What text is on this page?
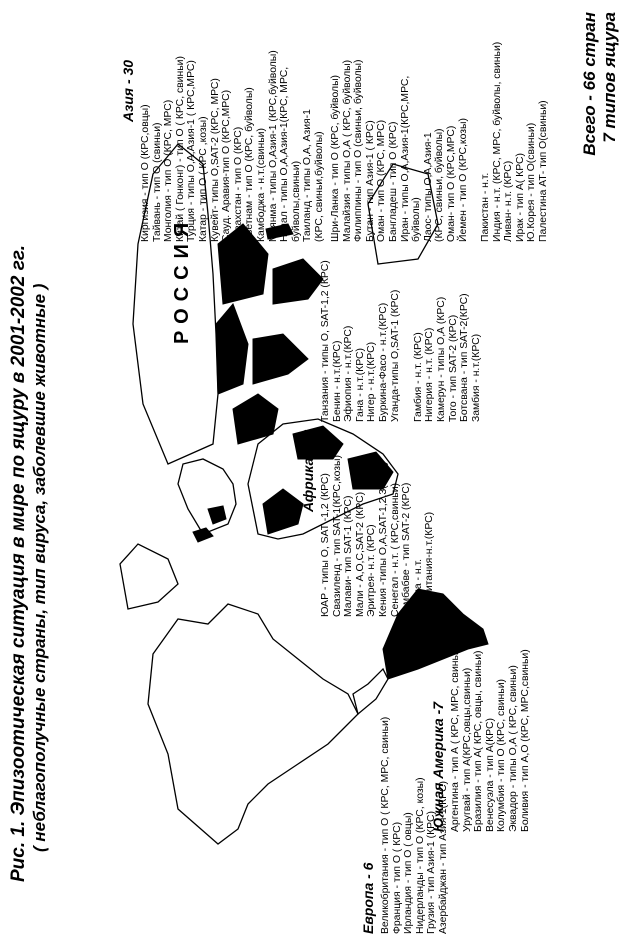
Рис. 1. Эпизоотическая ситуация в мире по ящуру в 2001-2002 гг. ( неблагополучные страны, тип вируса, заболевшие животные )
РОССИЯ
Европа - 6 Великобритания - тип О ( КРС, МРС, свиньи) Франция - тип О ( КРС) Ирландия - тип О ( овцы) Нидерланды - тип О (КРС, козы) Грузия - тип Азия-1 (КРС) Азербайджан - тип Азия-1(КРС)
Южная Америка -7 Аргентина - тип А ( КРС, МРС, свиньи) Уругвай - тип А(КРС,овцы,свиньи) Бразилия - тип А( КРС, овцы, свиньи) Венесуэла - тип А(КРС) Колумбия - тип О (КРС, свиньи) Эквадор - типы О,А ( КРС, свиньи) Боливия - тип А,О (КРС, МРС,свиньи)
Африка - 23
ЮАР - типы О, SAT -1,2 (КРС) Свазиленд - тип SAT-1(КРС,козы) Малави- тип SAT-1 (КРС) Мали - А,О,С,SAT-2 (КРС) Эритрея- н.т. (КРС) Кения -типы О,А,SAT-1,2,3(КРС) Сенегал - н.т. ( КРС,свиньи) Замбабве - тип SAT-2 (КРС) Ангола - н.т. Мавритания-н.т.(КРС)
Танзания - типы О, SAT-1,2 (КРС) Бенин - н.т.(КРС) Эфиопия - н.т.(КРС) Гана - н.т.(КРС) Нигер - н.т.(КРС) Буркина-Фасо - н.т.(КРС) Уганда-типы О,SAT-1 (КРС)
Гамбия - н.т. (КРС) Нигерия - н.т. (КРС) Камерун - типы О,А (КРС) Того - тип SAT-2 (КРС) Ботсвана - тип SAT-2(КРС) Замбия - н.т.(КРС)
Азия - 30
Киргизия - тип О (КРС,овцы) Тайвань - тип О (свиньи) Монголия - тип О (КРС, МРС) Китай ( Гонконг) - тип О ( КРС, свиньи) Турция - типы О,А,Азия-1 ( КРС,МРС) Катар - тип О ( КРС ,козы) Кувейт- типы О,SAT-2 (КРС, МРС) Сауд. Аравия-тип О (КРС,МРС) Казахстан - тип О (КРС) Вьетнам - тип О (КРС, буйволы) Камбоджа - н.т.(свиньи) Мьянма - типы О,Азия-1 (КРС,буйволы) Непал - типы О,А,Азия-1(КРС, МРС, буйволы,свиньи) Таиланд - типы О,А, Азия-1 (КРС, свиньи,буйволы) Шри-Ланка - тип О (КРС, буйволы) Малайзия - типы О,А ( КРС, буйволы) Филиппины - тип О (свиньи, буйволы) Бутан - тип Азия-1 ( КРС) Оман - тип О (КРС, МРС) Бангладеш - тип О (КРС) Иран - типы О,А,Азия-1(КРС,МРС, буйволы) Лаос- типы О,А,Азия-1 (КРС, свиньи, буйволы) Оман- тип О (КРС,МРС) Йемен - тип О (КРС,козы) Пакистан - н.т. Индия - н.т. (КРС, МРС, буйволы, свиньи) Ливан- н.т. (КРС) Ирак - тип А( КРС) Ю.Корея - тип О(свиньи) Палестина АТ- тип О(свиньи)
Всего - 66 стран 7 типов ящура
